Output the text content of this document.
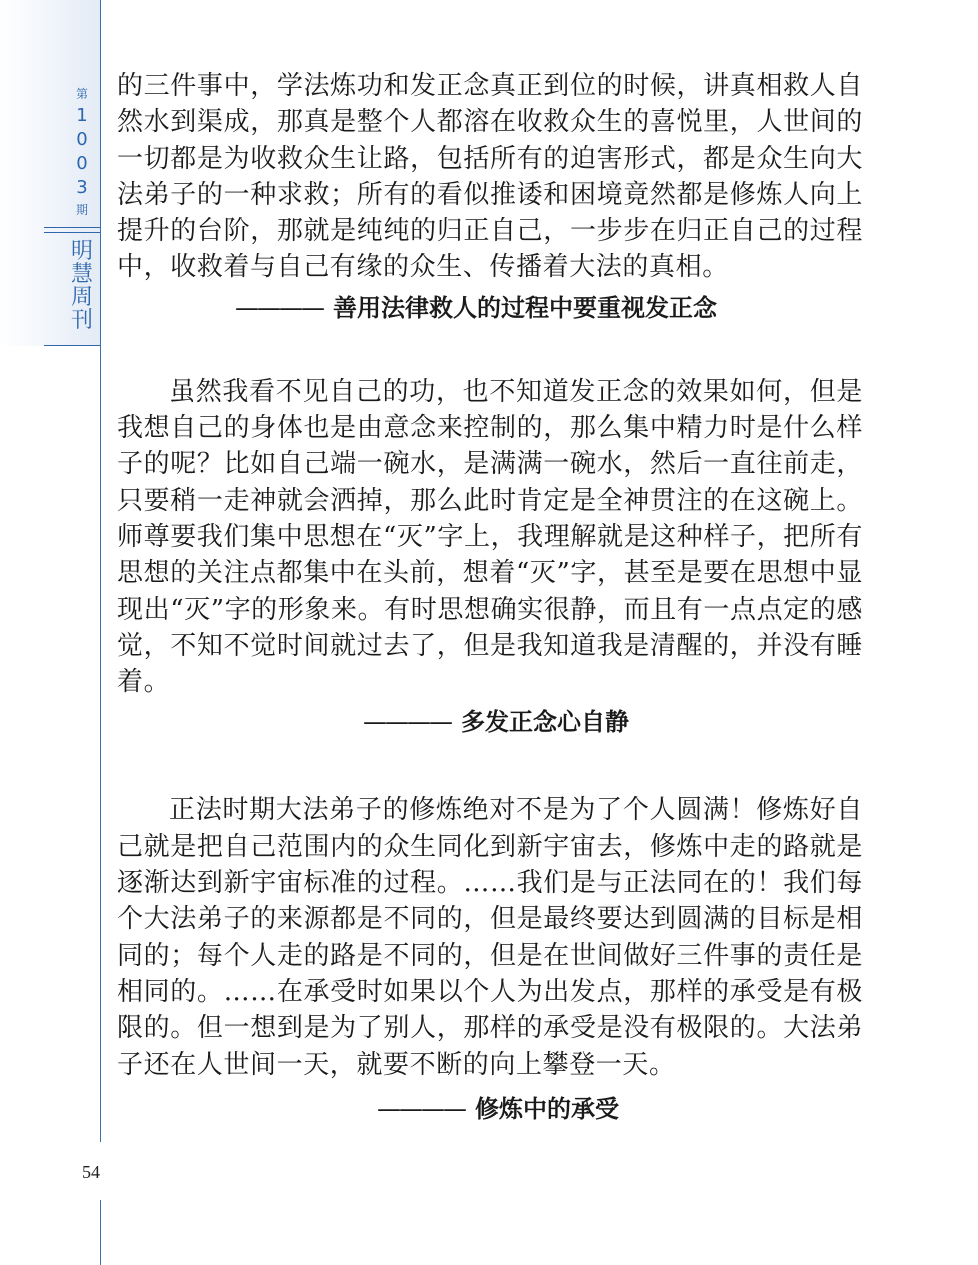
第
1
0
0
3
期
明
慧
周
刊
54

的三件事中，学法炼功和发正念真正到位的时候，讲真相救人自然水到渠成，那真是整个人都溶在收救众生的喜悦里，人世间的一切都是为收救众生让路，包括所有的迫害形式，都是众生向大法弟子的一种求救；所有的看似推诿和困境竟然都是修炼人向上提升的台阶，那就是纯纯的归正自己，一步步在归正自己的过程中，收救着与自己有缘的众生、传播着大法的真相。

———— 善用法律救人的过程中要重视发正念

虽然我看不见自己的功，也不知道发正念的效果如何，但是我想自己的身体也是由意念来控制的，那么集中精力时是什么样子的呢？比如自己端一碗水，是满满一碗水，然后一直往前走，只要稍一走神就会洒掉，那么此时肯定是全神贯注的在这碗上。师尊要我们集中思想在“灭”字上，我理解就是这种样子，把所有思想的关注点都集中在头前，想着“灭”字，甚至是要在思想中显现出“灭”字的形象来。有时思想确实很静，而且有一点点定的感觉，不知不觉时间就过去了，但是我知道我是清醒的，并没有睡着。

———— 多发正念心自静

正法时期大法弟子的修炼绝对不是为了个人圆满！修炼好自己就是把自己范围内的众生同化到新宇宙去，修炼中走的路就是逐渐达到新宇宙标准的过程。……我们是与正法同在的！我们每个大法弟子的来源都是不同的，但是最终要达到圆满的目标是相同的；每个人走的路是不同的，但是在世间做好三件事的责任是相同的。……在承受时如果以个人为出发点，那样的承受是有极限的。但一想到是为了别人，那样的承受是没有极限的。大法弟子还在人世间一天，就要不断的向上攀登一天。

———— 修炼中的承受
